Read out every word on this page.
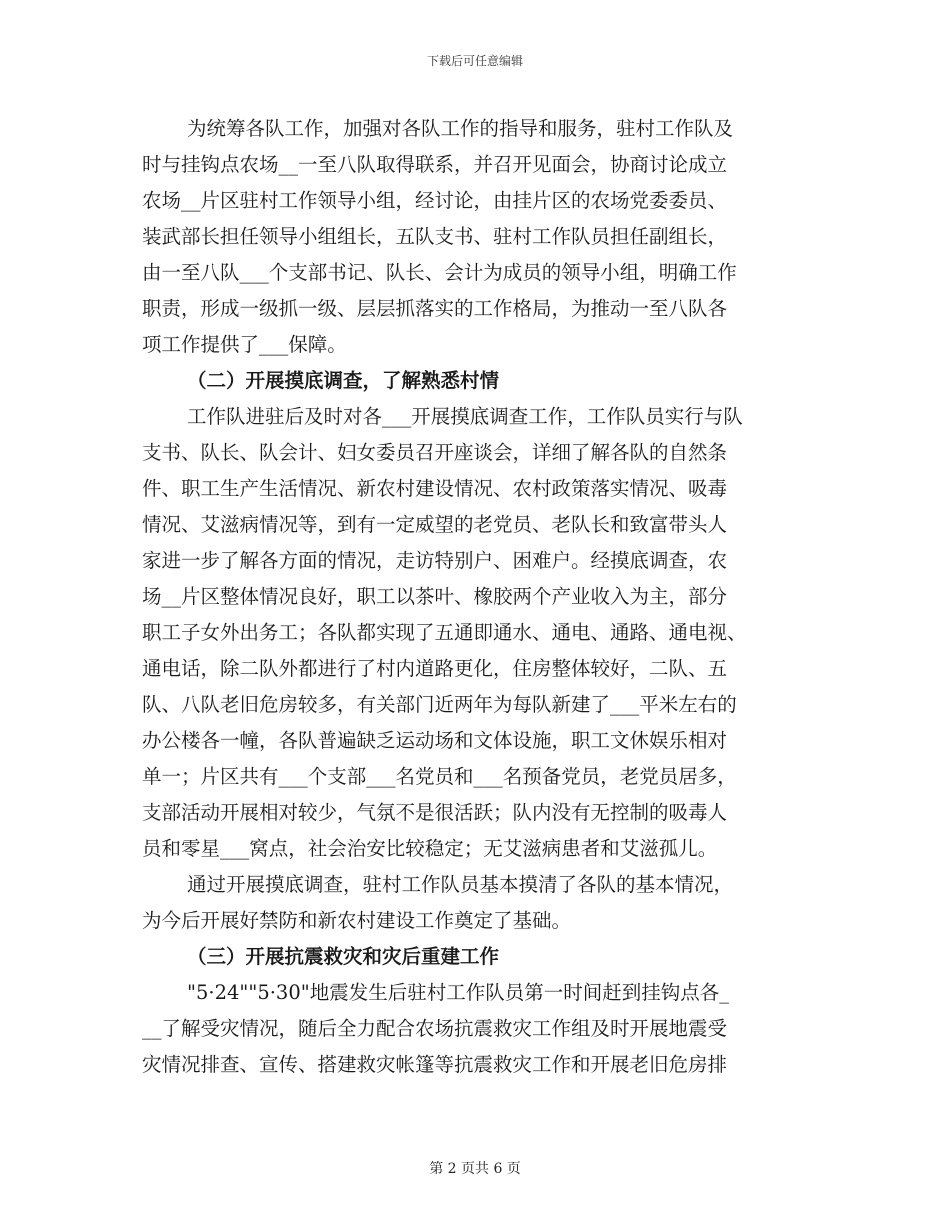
下载后可任意编辑
为统筹各队工作，加强对各队工作的指导和服务，驻村工作队及
时与挂钩点农场__一至八队取得联系，并召开见面会，协商讨论成立
农场__片区驻村工作领导小组，经讨论，由挂片区的农场党委委员、
装武部长担任领导小组组长，五队支书、驻村工作队员担任副组长，
由一至八队___个支部书记、队长、会计为成员的领导小组，明确工作
职责，形成一级抓一级、层层抓落实的工作格局，为推动一至八队各
项工作提供了___保障。
（二）开展摸底调查，了解熟悉村情
工作队进驻后及时对各___开展摸底调查工作，工作队员实行与队
支书、队长、队会计、妇女委员召开座谈会，详细了解各队的自然条
件、职工生产生活情况、新农村建设情况、农村政策落实情况、吸毒
情况、艾滋病情况等，到有一定威望的老党员、老队长和致富带头人
家进一步了解各方面的情况，走访特别户、困难户。经摸底调查，农
场__片区整体情况良好，职工以茶叶、橡胶两个产业收入为主，部分
职工子女外出务工；各队都实现了五通即通水、通电、通路、通电视、
通电话，除二队外都进行了村内道路更化，住房整体较好，二队、五
队、八队老旧危房较多，有关部门近两年为每队新建了___平米左右的
办公楼各一幢，各队普遍缺乏运动场和文体设施，职工文休娱乐相对
单一；片区共有___个支部___名党员和___名预备党员，老党员居多，
支部活动开展相对较少，气氛不是很活跃；队内没有无控制的吸毒人
员和零星___窝点，社会治安比较稳定；无艾滋病患者和艾滋孤儿。
通过开展摸底调查，驻村工作队员基本摸清了各队的基本情况，
为今后开展好禁防和新农村建设工作奠定了基础。
（三）开展抗震救灾和灾后重建工作
"5·24""5·30"地震发生后驻村工作队员第一时间赶到挂钩点各_
__了解受灾情况，随后全力配合农场抗震救灾工作组及时开展地震受
灾情况排查、宣传、搭建救灾帐篷等抗震救灾工作和开展老旧危房排
第 2 页共 6 页
